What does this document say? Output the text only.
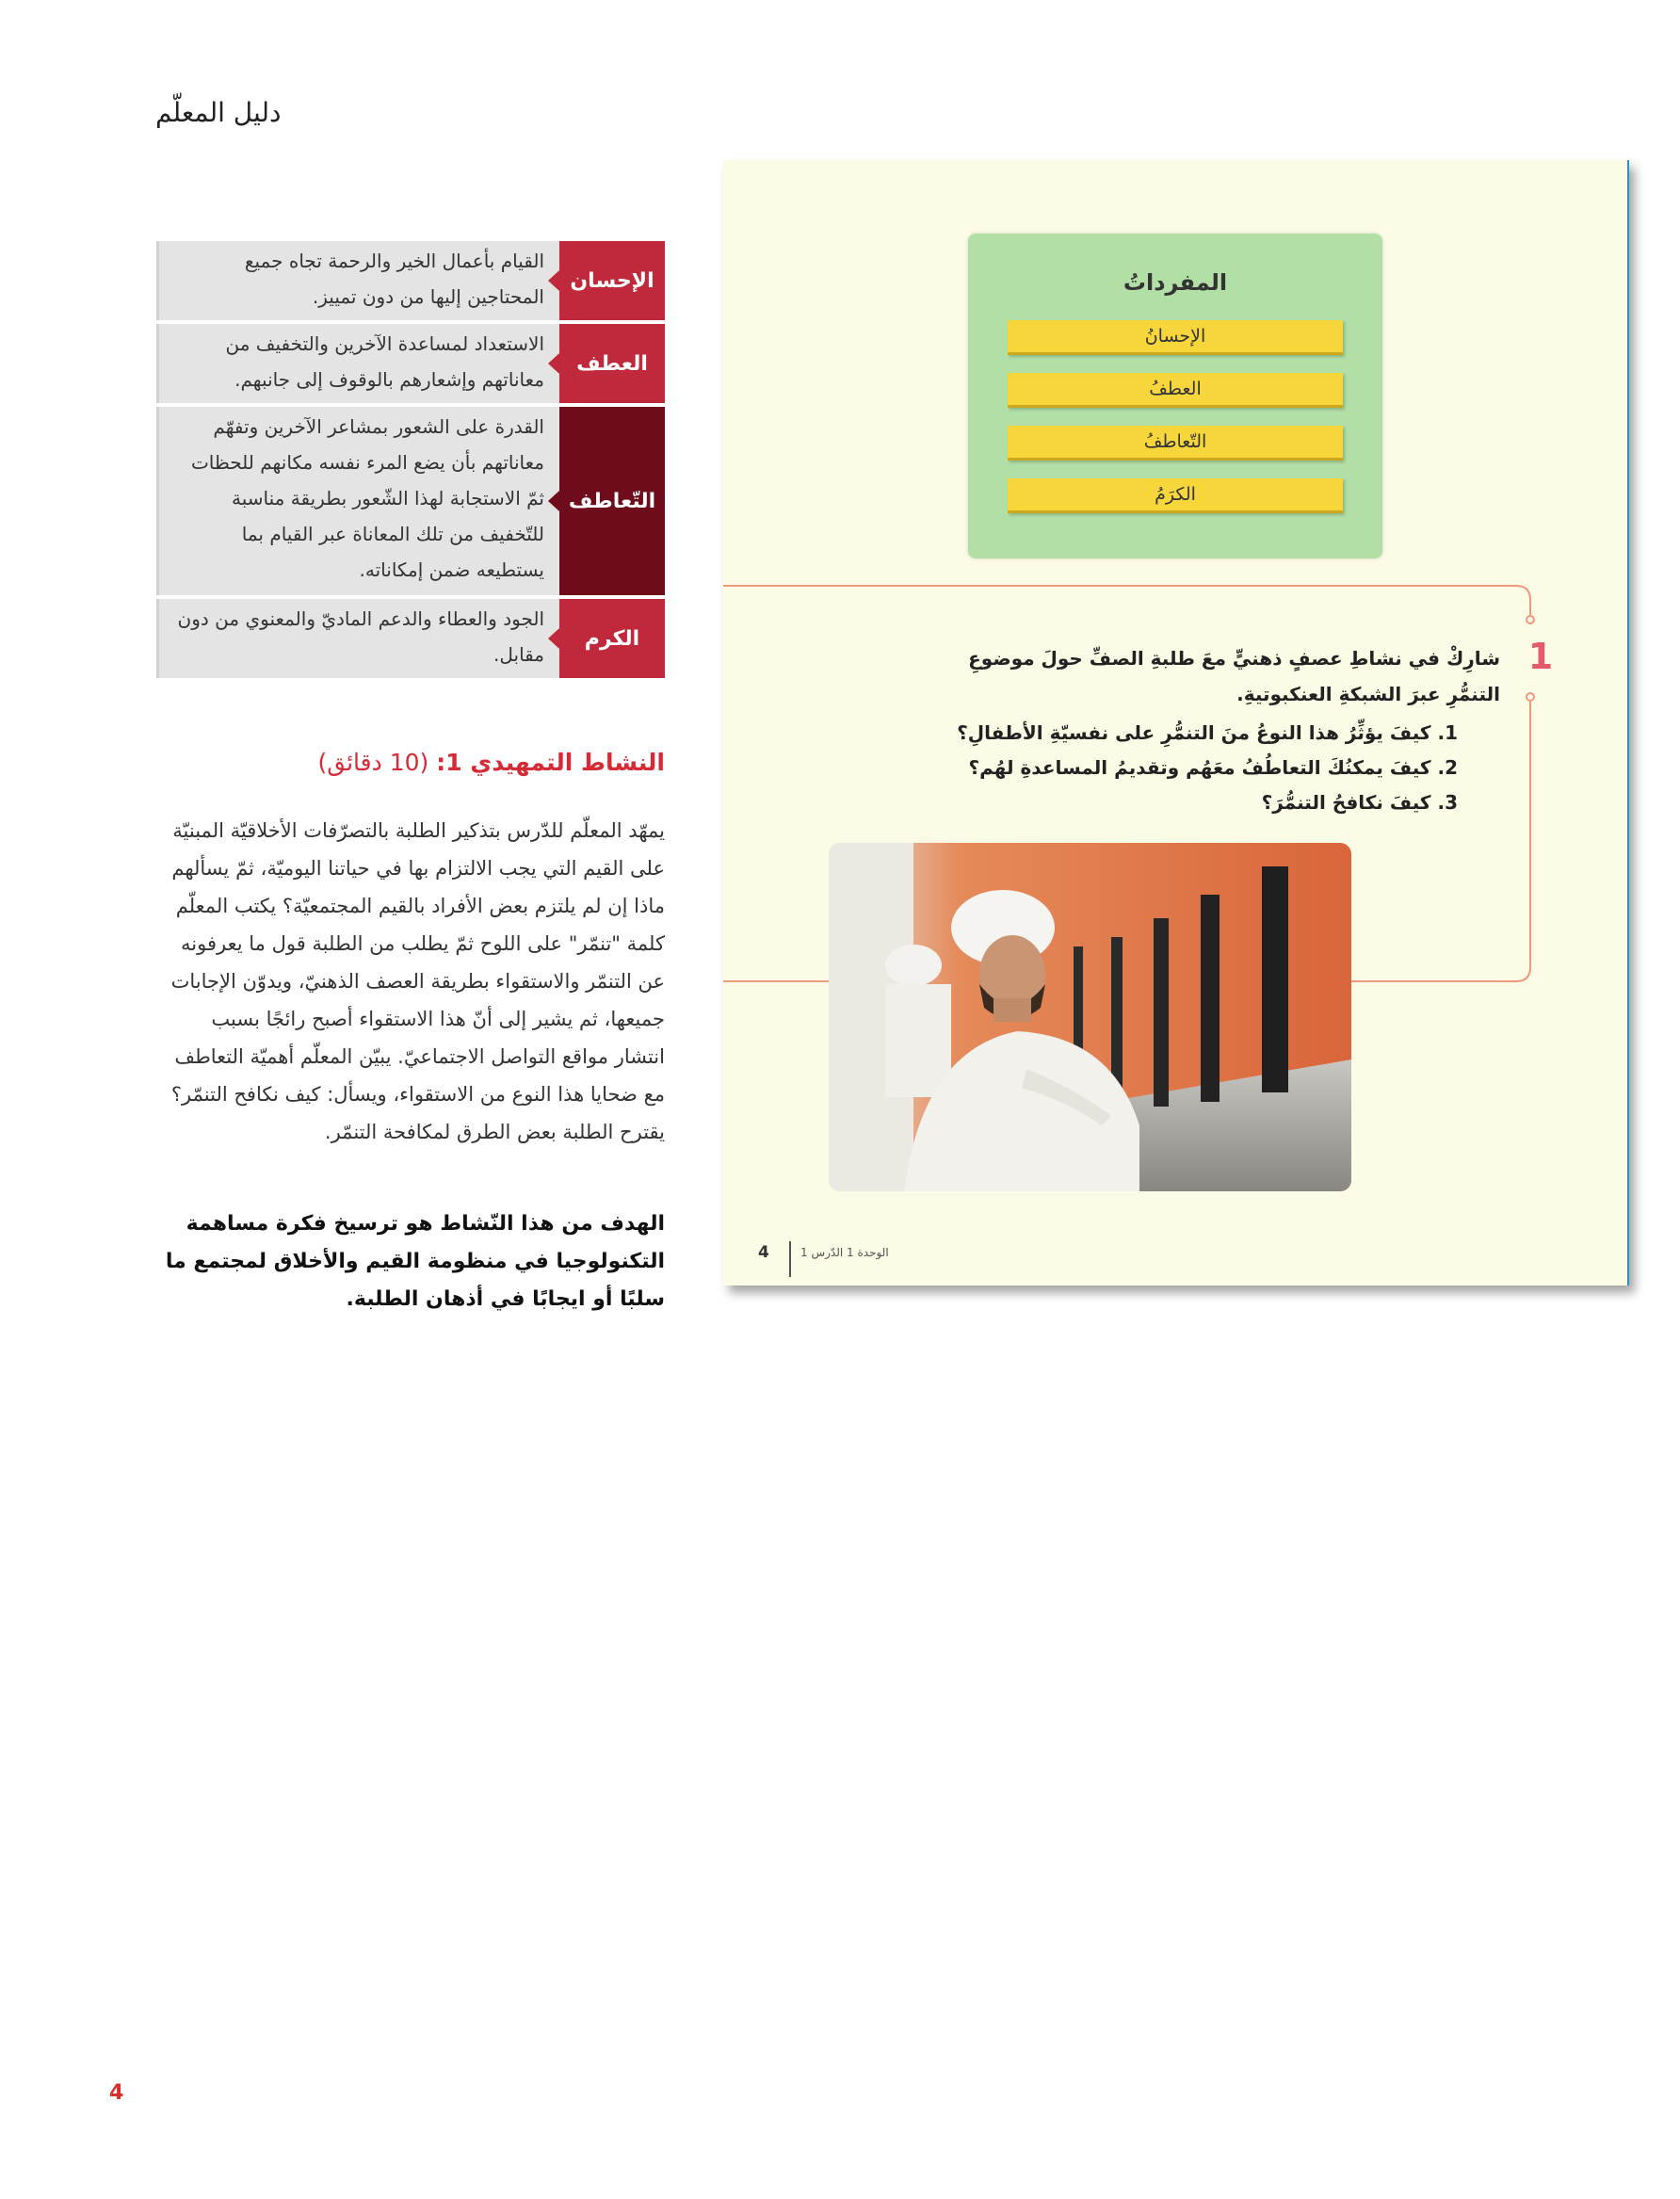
دليل المعلّم
الإحسان
القيام بأعمال الخير والرحمة تجاه جميع المحتاجين إليها من دون تمييز.
العطف
الاستعداد لمساعدة الآخرين والتخفيف من معاناتهم وإشعارهم بالوقوف إلى جانبهم.
التّعاطف
القدرة على الشعور بمشاعر الآخرين وتفهّم معاناتهم بأن يضع المرء نفسه مكانهم للحظات ثمّ الاستجابة لهذا الشّعور بطريقة مناسبة للتّخفيف من تلك المعاناة عبر القيام بما يستطيعه ضمن إمكاناته.
الكرم
الجود والعطاء والدعم الماديّ والمعنوي من دون مقابل.
النشاط التمهيدي 1: (10 دقائق)
يمهّد المعلّم للدّرس بتذكير الطلبة بالتصرّفات الأخلاقيّة المبنيّة على القيم التي يجب الالتزام بها في حياتنا اليوميّة، ثمّ يسألهم ماذا إن لم يلتزم بعض الأفراد بالقيم المجتمعيّة؟ يكتب المعلّم كلمة "تنمّر" على اللوح ثمّ يطلب من الطلبة قول ما يعرفونه عن التنمّر والاستقواء بطريقة العصف الذهنيّ، ويدوّن الإجابات جميعها، ثم يشير إلى أنّ هذا الاستقواء أصبح رائجًا بسبب انتشار مواقع التواصل الاجتماعيّ. يبيّن المعلّم أهميّة التعاطف مع ضحايا هذا النوع من الاستقواء، ويسأل: كيف نكافح التنمّر؟ يقترح الطلبة بعض الطرق لمكافحة التنمّر.
الهدف من هذا النّشاط هو ترسيخ فكرة مساهمة التكنولوجيا في منظومة القيم والأخلاق لمجتمع ما سلبًا أو ايجابًا في أذهان الطلبة.
المفرداتُ
الإحسانُ
العطفُ
التّعاطفُ
الكرَمُ
1
شارِكْ في نشاطِ عصفٍ ذهنيٍّ معَ طلبةِ الصفِّ حولَ موضوعِ التنمُّرِ عبرَ الشبكةِ العنكبوتيةِ.
1. كيفَ يؤثِّرُ هذا النوعُ منَ التنمُّرِ على نفسيّةِ الأطفالِ؟
2. كيفَ يمكنُكَ التعاطُفُ معَهُم وتقديمُ المساعدةِ لهُم؟
3. كيفَ نكافحُ التنمُّرَ؟
4	الوحدة 1 الدّرس 1
4
